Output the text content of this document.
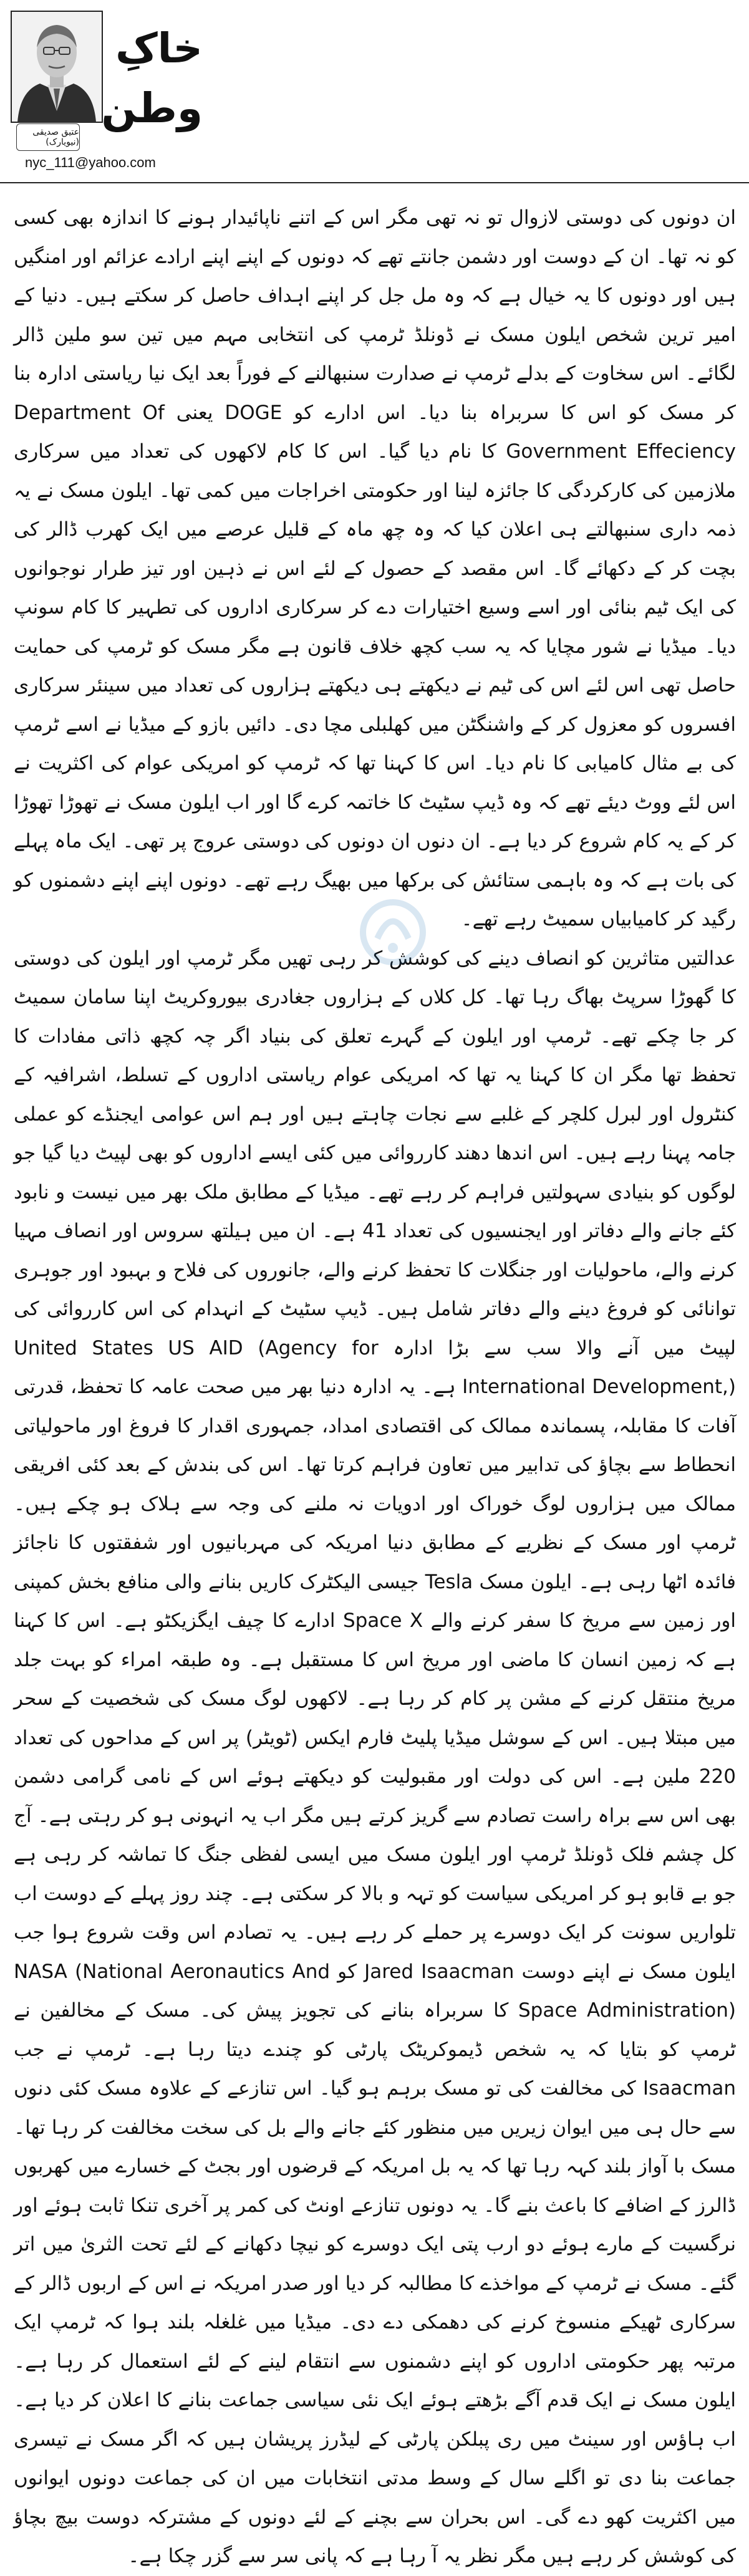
عتیق صدیقی (نیویارک)
nyc_111@yahoo.com
خاکِ
وطن

ان دونوں کی دوستی لازوال تو نہ تھی مگر اس کے اتنے ناپائیدار ہونے کا اندازہ بھی کسی کو نہ تھا۔ ان کے دوست اور دشمن جانتے تھے کہ دونوں کے اپنے اپنے ارادے عزائم اور امنگیں ہیں اور دونوں کا یہ خیال ہے کہ وہ مل جل کر اپنے اہداف حاصل کر سکتے ہیں۔ دنیا کے امیر ترین شخص ایلون مسک نے ڈونلڈ ٹرمپ کی انتخابی مہم میں تین سو ملین ڈالر لگائے۔ اس سخاوت کے بدلے ٹرمپ نے صدارت سنبھالنے کے فوراً بعد ایک نیا ریاستی ادارہ بنا کر مسک کو اس کا سربراہ بنا دیا۔ اس ادارے کو DOGE یعنی Department Of Government Effeciency کا نام دیا گیا۔ اس کا کام لاکھوں کی تعداد میں سرکاری ملازمین کی کارکردگی کا جائزہ لینا اور حکومتی اخراجات میں کمی تھا۔ ایلون مسک نے یہ ذمہ داری سنبھالتے ہی اعلان کیا کہ وہ چھ ماہ کے قلیل عرصے میں ایک کھرب ڈالر کی بچت کر کے دکھائے گا۔ اس مقصد کے حصول کے لئے اس نے ذہین اور تیز طرار نوجوانوں کی ایک ٹیم بنائی اور اسے وسیع اختیارات دے کر سرکاری اداروں کی تطہیر کا کام سونپ دیا۔ میڈیا نے شور مچایا کہ یہ سب کچھ خلاف قانون ہے مگر مسک کو ٹرمپ کی حمایت حاصل تھی اس لئے اس کی ٹیم نے دیکھتے ہی دیکھتے ہزاروں کی تعداد میں سینئر سرکاری افسروں کو معزول کر کے واشنگٹن میں کھلبلی مچا دی۔ دائیں بازو کے میڈیا نے اسے ٹرمپ کی بے مثال کامیابی کا نام دیا۔ اس کا کہنا تھا کہ ٹرمپ کو امریکی عوام کی اکثریت نے اس لئے ووٹ دیئے تھے کہ وہ ڈیپ سٹیٹ کا خاتمہ کرے گا اور اب ایلون مسک نے تھوڑا تھوڑا کر کے یہ کام شروع کر دیا ہے۔ ان دنوں ان دونوں کی دوستی عروج پر تھی۔ ایک ماہ پہلے کی بات ہے کہ وہ باہمی ستائش کی برکھا میں بھیگ رہے تھے۔ دونوں اپنے اپنے دشمنوں کو رگید کر کامیابیاں سمیٹ رہے تھے۔

عدالتیں متاثرین کو انصاف دینے کی کوشش کر رہی تھیں مگر ٹرمپ اور ایلون کی دوستی کا گھوڑا سرپٹ بھاگ رہا تھا۔ کل کلاں کے ہزاروں جغادری بیوروکریٹ اپنا سامان سمیٹ کر جا چکے تھے۔ ٹرمپ اور ایلون کے گہرے تعلق کی بنیاد اگر چہ کچھ ذاتی مفادات کا تحفظ تھا مگر ان کا کہنا یہ تھا کہ امریکی عوام ریاستی اداروں کے تسلط، اشرافیہ کے کنٹرول اور لبرل کلچر کے غلبے سے نجات چاہتے ہیں اور ہم اس عوامی ایجنڈے کو عملی جامہ پہنا رہے ہیں۔ اس اندھا دھند کارروائی میں کئی ایسے اداروں کو بھی لپیٹ دیا گیا جو لوگوں کو بنیادی سہولتیں فراہم کر رہے تھے۔ میڈیا کے مطابق ملک بھر میں نیست و نابود کئے جانے والے دفاتر اور ایجنسیوں کی تعداد 41 ہے۔ ان میں ہیلتھ سروس اور انصاف مہیا کرنے والے، ماحولیات اور جنگلات کا تحفظ کرنے والے، جانوروں کی فلاح و بہبود اور جوہری توانائی کو فروغ دینے والے دفاتر شامل ہیں۔ ڈیپ سٹیٹ کے انہدام کی اس کارروائی کی لپیٹ میں آنے والا سب سے بڑا ادارہ United States US AID (Agency for International Development,) ہے۔ یہ ادارہ دنیا بھر میں صحت عامہ کا تحفظ، قدرتی آفات کا مقابلہ، پسماندہ ممالک کی اقتصادی امداد، جمہوری اقدار کا فروغ اور ماحولیاتی انحطاط سے بچاؤ کی تدابیر میں تعاون فراہم کرتا تھا۔ اس کی بندش کے بعد کئی افریقی ممالک میں ہزاروں لوگ خوراک اور ادویات نہ ملنے کی وجہ سے ہلاک ہو چکے ہیں۔ ٹرمپ اور مسک کے نظریے کے مطابق دنیا امریکہ کی مہربانیوں اور شفقتوں کا ناجائز فائدہ اٹھا رہی ہے۔ ایلون مسک Tesla جیسی الیکٹرک کاریں بنانے والی منافع بخش کمپنی اور زمین سے مریخ کا سفر کرنے والے Space X ادارے کا چیف ایگزیکٹو ہے۔ اس کا کہنا ہے کہ زمین انسان کا ماضی اور مریخ اس کا مستقبل ہے۔ وہ طبقہ امراء کو بہت جلد مریخ منتقل کرنے کے مشن پر کام کر رہا ہے۔ لاکھوں لوگ مسک کی شخصیت کے سحر میں مبتلا ہیں۔ اس کے سوشل میڈیا پلیٹ فارم ایکس (ٹویٹر) پر اس کے مداحوں کی تعداد 220 ملین ہے۔ اس کی دولت اور مقبولیت کو دیکھتے ہوئے اس کے نامی گرامی دشمن بھی اس سے براہ راست تصادم سے گریز کرتے ہیں مگر اب یہ انہونی ہو کر رہتی ہے۔ آج کل چشم فلک ڈونلڈ ٹرمپ اور ایلون مسک میں ایسی لفظی جنگ کا تماشہ کر رہی ہے جو بے قابو ہو کر امریکی سیاست کو تہہ و بالا کر سکتی ہے۔ چند روز پہلے کے دوست اب تلواریں سونت کر ایک دوسرے پر حملے کر رہے ہیں۔ یہ تصادم اس وقت شروع ہوا جب ایلون مسک نے اپنے دوست Jared Isaacman کو NASA (National Aeronautics And Space Administration) کا سربراہ بنانے کی تجویز پیش کی۔ مسک کے مخالفین نے ٹرمپ کو بتایا کہ یہ شخص ڈیموکریٹک پارٹی کو چندے دیتا رہا ہے۔ ٹرمپ نے جب Isaacman کی مخالفت کی تو مسک برہم ہو گیا۔ اس تنازعے کے علاوہ مسک کئی دنوں سے حال ہی میں ایوان زیریں میں منظور کئے جانے والے بل کی سخت مخالفت کر رہا تھا۔ مسک با آواز بلند کہہ رہا تھا کہ یہ بل امریکہ کے قرضوں اور بجٹ کے خسارے میں کھربوں ڈالرز کے اضافے کا باعث بنے گا۔ یہ دونوں تنازعے اونٹ کی کمر پر آخری تنکا ثابت ہوئے اور نرگسیت کے مارے ہوئے دو ارب پتی ایک دوسرے کو نیچا دکھانے کے لئے تحت الثریٰ میں اتر گئے۔ مسک نے ٹرمپ کے مواخذے کا مطالبہ کر دیا اور صدر امریکہ نے اس کے اربوں ڈالر کے سرکاری ٹھیکے منسوخ کرنے کی دھمکی دے دی۔ میڈیا میں غلغلہ بلند ہوا کہ ٹرمپ ایک مرتبہ پھر حکومتی اداروں کو اپنے دشمنوں سے انتقام لینے کے لئے استعمال کر رہا ہے۔ ایلون مسک نے ایک قدم آگے بڑھتے ہوئے ایک نئی سیاسی جماعت بنانے کا اعلان کر دیا ہے۔ اب ہاؤس اور سینٹ میں ری پبلکن پارٹی کے لیڈرز پریشان ہیں کہ اگر مسک نے تیسری جماعت بنا دی تو اگلے سال کے وسط مدتی انتخابات میں ان کی جماعت دونوں ایوانوں میں اکثریت کھو دے گی۔ اس بحران سے بچنے کے لئے دونوں کے مشترکہ دوست بیچ بچاؤ کی کوشش کر رہے ہیں مگر نظر یہ آ رہا ہے کہ پانی سر سے گزر چکا ہے۔
